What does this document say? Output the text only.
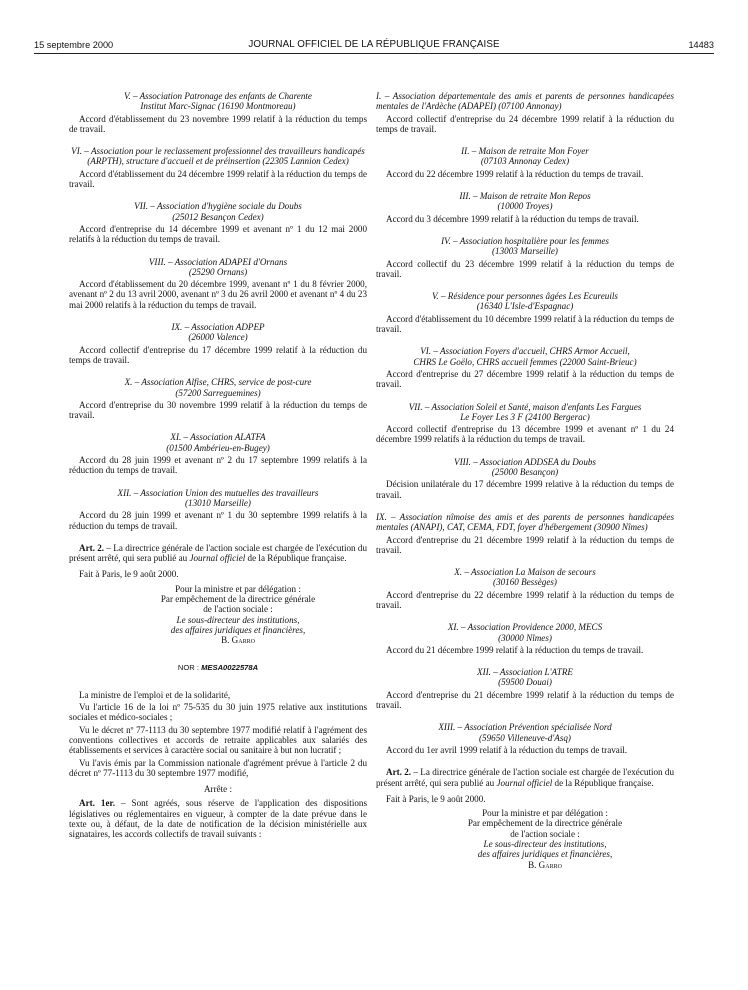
15 septembre 2000	JOURNAL OFFICIEL DE LA RÉPUBLIQUE FRANÇAISE	14483

V. – Association Patronage des enfants de Charente
Institut Marc-Signac (16190 Montmoreau)

Accord d'établissement du 23 novembre 1999 relatif à la réduction du temps de travail.

VI. – Association pour le reclassement professionnel des travailleurs handicapés (ARPTH), structure d'accueil et de préinsertion (22305 Lannion Cedex)

Accord d'établissement du 24 décembre 1999 relatif à la réduction du temps de travail.

VII. – Association d'hygiène sociale du Doubs
(25012 Besançon Cedex)

Accord d'entreprise du 14 décembre 1999 et avenant nº 1 du 12 mai 2000 relatifs à la réduction du temps de travail.

VIII. – Association ADAPEI d'Ornans
(25290 Ornans)

Accord d'établissement du 20 décembre 1999, avenant nº 1 du 8 février 2000, avenant nº 2 du 13 avril 2000, avenant nº 3 du 26 avril 2000 et avenant nº 4 du 23 mai 2000 relatifs à la réduction du temps de travail.

IX. – Association ADPEP
(26000 Valence)

Accord collectif d'entreprise du 17 décembre 1999 relatif à la réduction du temps de travail.

X. – Association Alfise, CHRS, service de post-cure
(57200 Sarreguemines)

Accord d'entreprise du 30 novembre 1999 relatif à la réduction du temps de travail.

XI. – Association ALATFA
(01500 Ambérieu-en-Bugey)

Accord du 28 juin 1999 et avenant nº 2 du 17 septembre 1999 relatifs à la réduction du temps de travail.

XII. – Association Union des mutuelles des travailleurs
(13010 Marseille)

Accord du 28 juin 1999 et avenant nº 1 du 30 septembre 1999 relatifs à la réduction du temps de travail.

Art. 2. – La directrice générale de l'action sociale est chargée de l'exécution du présent arrêté, qui sera publié au Journal officiel de la République française.

Fait à Paris, le 9 août 2000.

Pour la ministre et par délégation :
Par empêchement de la directrice générale
de l'action sociale :
Le sous-directeur des institutions,
des affaires juridiques et financières,
B. Garro
NOR : MESA0022578A

La ministre de l'emploi et de la solidarité,

Vu l'article 16 de la loi nº 75-535 du 30 juin 1975 relative aux institutions sociales et médico-sociales ;

Vu le décret nº 77-1113 du 30 septembre 1977 modifié relatif à l'agrément des conventions collectives et accords de retraite applicables aux salariés des établissements et services à caractère social ou sanitaire à but non lucratif ;

Vu l'avis émis par la Commission nationale d'agrément prévue à l'article 2 du décret nº 77-1113 du 30 septembre 1977 modifié,

Arrête :

Art. 1er. – Sont agréés, sous réserve de l'application des dispositions législatives ou réglementaires en vigueur, à compter de la date prévue dans le texte ou, à défaut, de la date de notification de la décision ministérielle aux signataires, les accords collectifs de travail suivants :

I. – Association départementale des amis et parents de personnes handicapées mentales de l'Ardèche (ADAPEI) (07100 Annonay)

Accord collectif d'entreprise du 24 décembre 1999 relatif à la réduction du temps de travail.

II. – Maison de retraite Mon Foyer
(07103 Annonay Cedex)

Accord du 22 décembre 1999 relatif à la réduction du temps de travail.

III. – Maison de retraite Mon Repos
(10000 Troyes)

Accord du 3 décembre 1999 relatif à la réduction du temps de travail.

IV. – Association hospitalière pour les femmes
(13003 Marseille)

Accord collectif du 23 décembre 1999 relatif à la réduction du temps de travail.

V. – Résidence pour personnes âgées Les Ecureuils
(16340 L'Isle-d'Espagnac)

Accord d'établissement du 10 décembre 1999 relatif à la réduction du temps de travail.

VI. – Association Foyers d'accueil, CHRS Armor Accueil,
CHRS Le Goëlo, CHRS accueil femmes (22000 Saint-Brieuc)

Accord d'entreprise du 27 décembre 1999 relatif à la réduction du temps de travail.

VII. – Association Soleil et Santé, maison d'enfants Les Fargues
Le Foyer Les 3 F (24100 Bergerac)

Accord collectif d'entreprise du 13 décembre 1999 et avenant nº 1 du 24 décembre 1999 relatifs à la réduction du temps de travail.

VIII. – Association ADDSEA du Doubs
(25000 Besançon)

Décision unilatérale du 17 décembre 1999 relative à la réduction du temps de travail.

IX. – Association nîmoise des amis et des parents de personnes handicapées mentales (ANAPI), CAT, CEMA, FDT, foyer d'hébergement (30900 Nîmes)

Accord d'entreprise du 21 décembre 1999 relatif à la réduction du temps de travail.

X. – Association La Maison de secours
(30160 Bessèges)

Accord d'entreprise du 22 décembre 1999 relatif à la réduction du temps de travail.

XI. – Association Providence 2000, MECS
(30000 Nîmes)

Accord du 21 décembre 1999 relatif à la réduction du temps de travail.

XII. – Association L'ATRE
(59500 Douai)

Accord d'entreprise du 21 décembre 1999 relatif à la réduction du temps de travail.

XIII. – Association Prévention spécialisée Nord
(59650 Villeneuve-d'Asq)

Accord du 1er avril 1999 relatif à la réduction du temps de travail.

Art. 2. – La directrice générale de l'action sociale est chargée de l'exécution du présent arrêté, qui sera publié au Journal officiel de la République française.

Fait à Paris, le 9 août 2000.

Pour la ministre et par délégation :
Par empêchement de la directrice générale
de l'action sociale :
Le sous-directeur des institutions,
des affaires juridiques et financières,
B. Garro
